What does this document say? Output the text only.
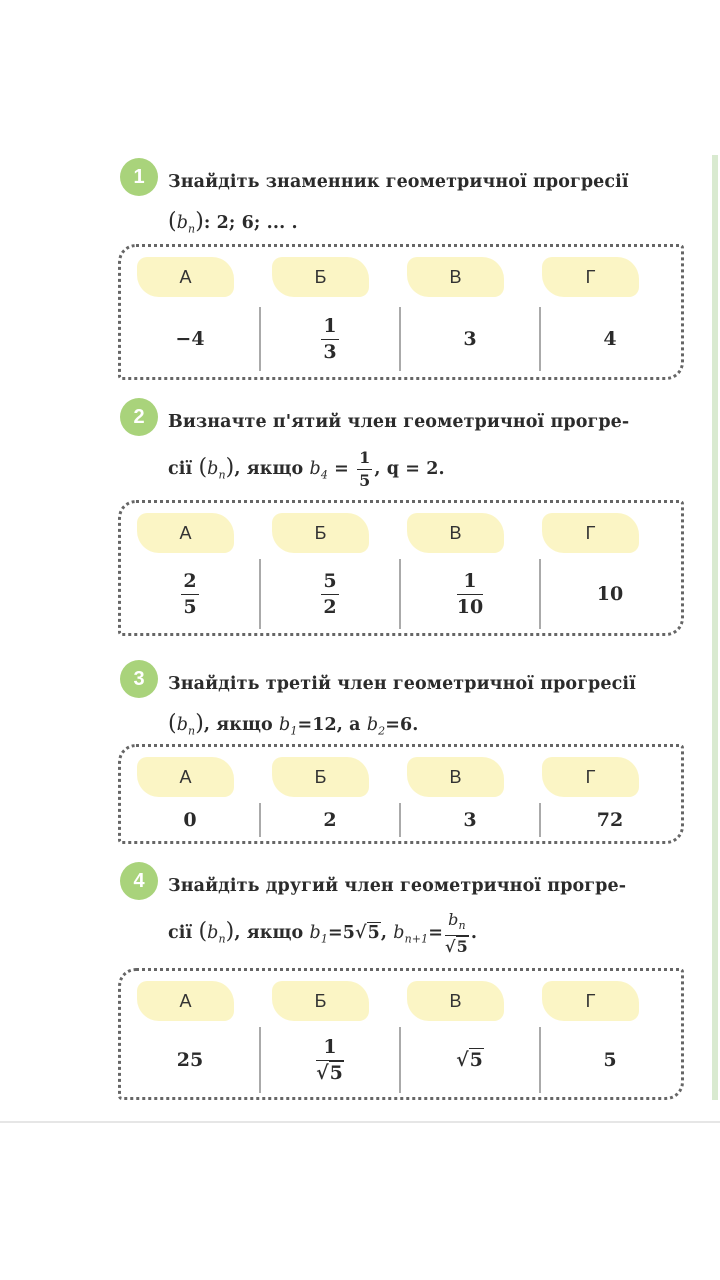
1	Знайдіть знаменник геометричної прогресії
$(b_n)$: 2; 6; ... .
А	Б	В	Г
−4	$\frac{1}{3}$	3	4
2	Визначте п'ятий член геометричної прогре-
сії $(b_n)$, якщо $b_4 = \frac{1}{5}$ , q = 2.
А	Б	В	Г
$\frac{2}{5}$	$\frac{5}{2}$	$\frac{1}{10}$	10
3	Знайдіть третій член геометричної прогресії
$(b_n)$, якщо $b_1=12$, а $b_2=6$.
А	Б	В	Г
0	2	3	72
4	Знайдіть другий член геометричної прогре-
сії $(b_n)$, якщо $b_1=5√5$, $b_{n+1}= \frac{b_n}{√5}$ .
А	Б	В	Г
25	$\frac{1}{√5}$	√5	5
